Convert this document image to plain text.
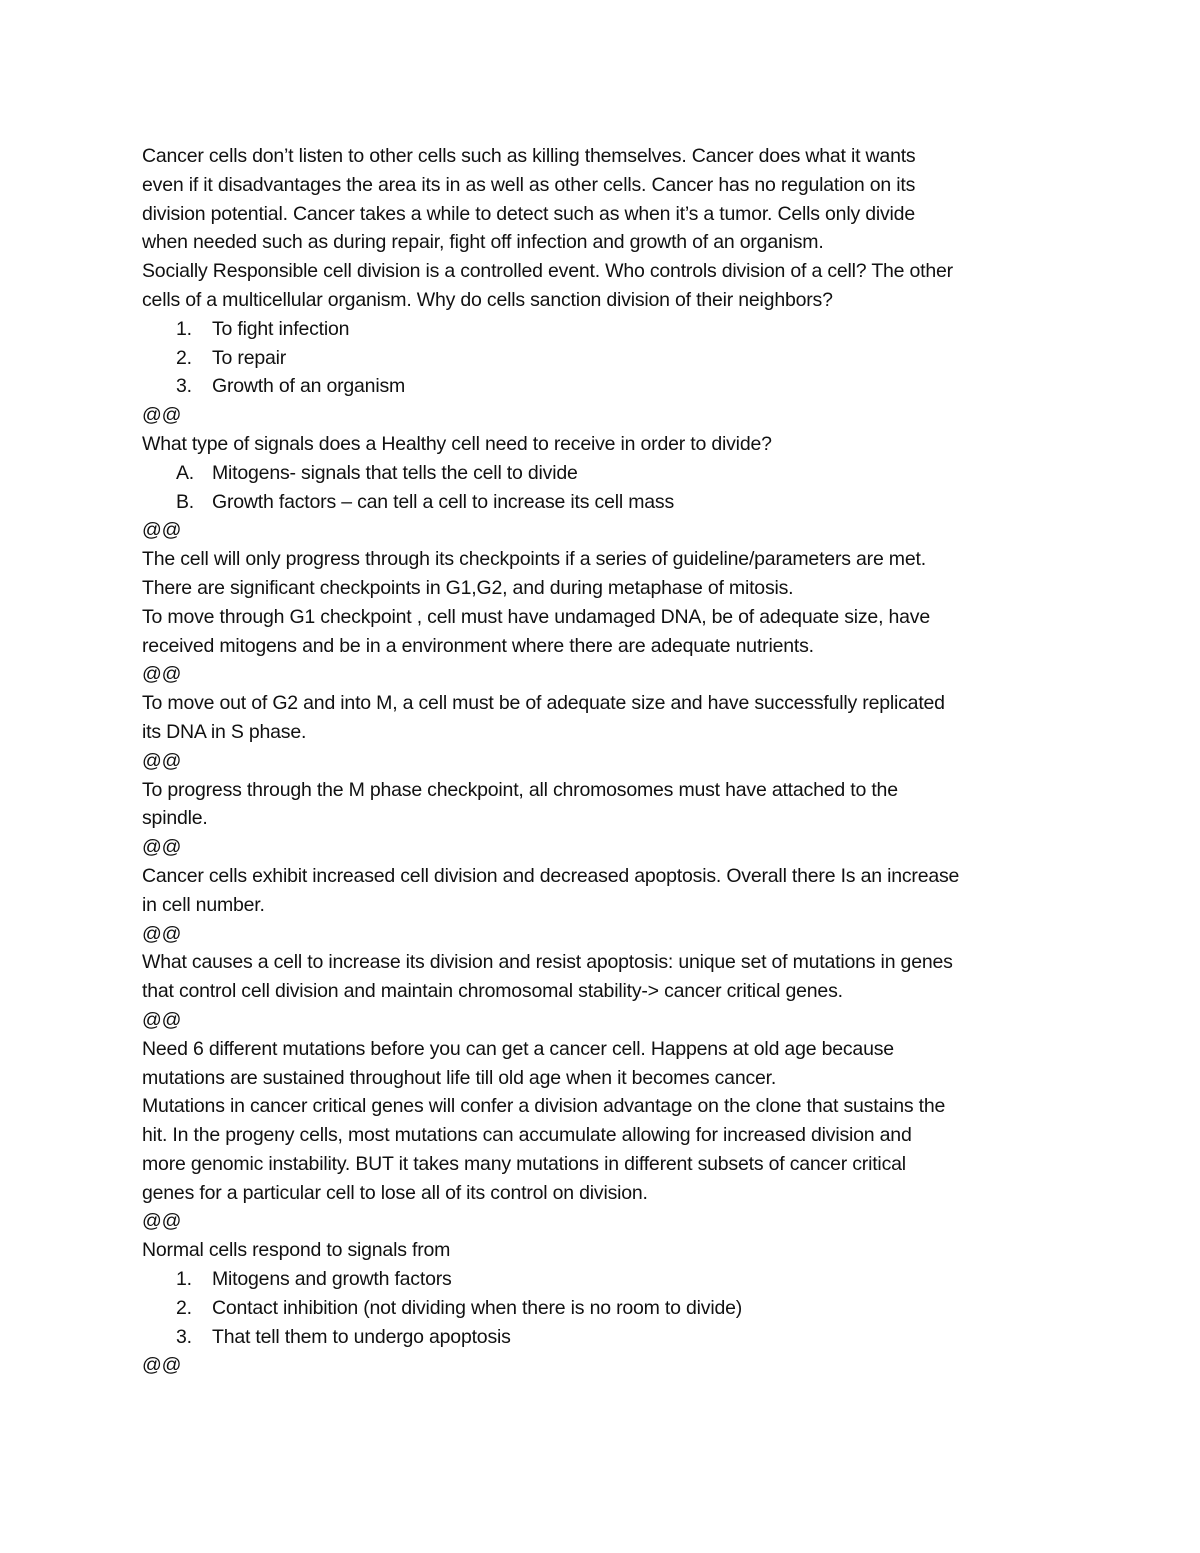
Cancer cells don’t listen to other cells such as killing themselves. Cancer does what it wants
even if it disadvantages the area its in as well as other cells. Cancer has no regulation on its
division potential. Cancer takes a while to detect such as when it’s a tumor. Cells only divide
when needed such as during repair, fight off infection and growth of an organism.
Socially Responsible cell division is a controlled event. Who controls division of a cell? The other
cells of a multicellular organism. Why do cells sanction division of their neighbors?
1.	To fight infection
2.	To repair
3.	Growth of an organism
@@
What type of signals does a Healthy cell need to receive in order to divide?
A. Mitogens- signals that tells the cell to divide
B. Growth factors – can tell a cell to increase its cell mass
@@
The cell will only progress through its checkpoints if a series of guideline/parameters are met.
There are significant checkpoints in G1,G2, and during metaphase of mitosis.
To move through G1 checkpoint , cell must have undamaged DNA, be of adequate size, have
received mitogens and be in a environment where there are adequate nutrients.
@@
To move out of G2 and into M, a cell must be of adequate size and have successfully replicated
its DNA in S phase.
@@
To progress through the M phase checkpoint, all chromosomes must have attached to the
spindle.
@@
Cancer cells exhibit increased cell division and decreased apoptosis. Overall there Is an increase
in cell number.
@@
What causes a cell to increase its division and resist apoptosis: unique set of mutations in genes
that control cell division and maintain chromosomal stability-> cancer critical genes.
@@
Need 6 different mutations before you can get a cancer cell. Happens at old age because
mutations are sustained throughout life till old age when it becomes cancer.
Mutations in cancer critical genes will confer a division advantage on the clone that sustains the
hit. In the progeny cells, most mutations can accumulate allowing for increased division and
more genomic instability. BUT it takes many mutations in different subsets of cancer critical
genes for a particular cell to lose all of its control on division.
@@
Normal cells respond to signals from
1.	Mitogens and growth factors
2.	Contact inhibition (not dividing when there is no room to divide)
3.	That tell them to undergo apoptosis
@@
